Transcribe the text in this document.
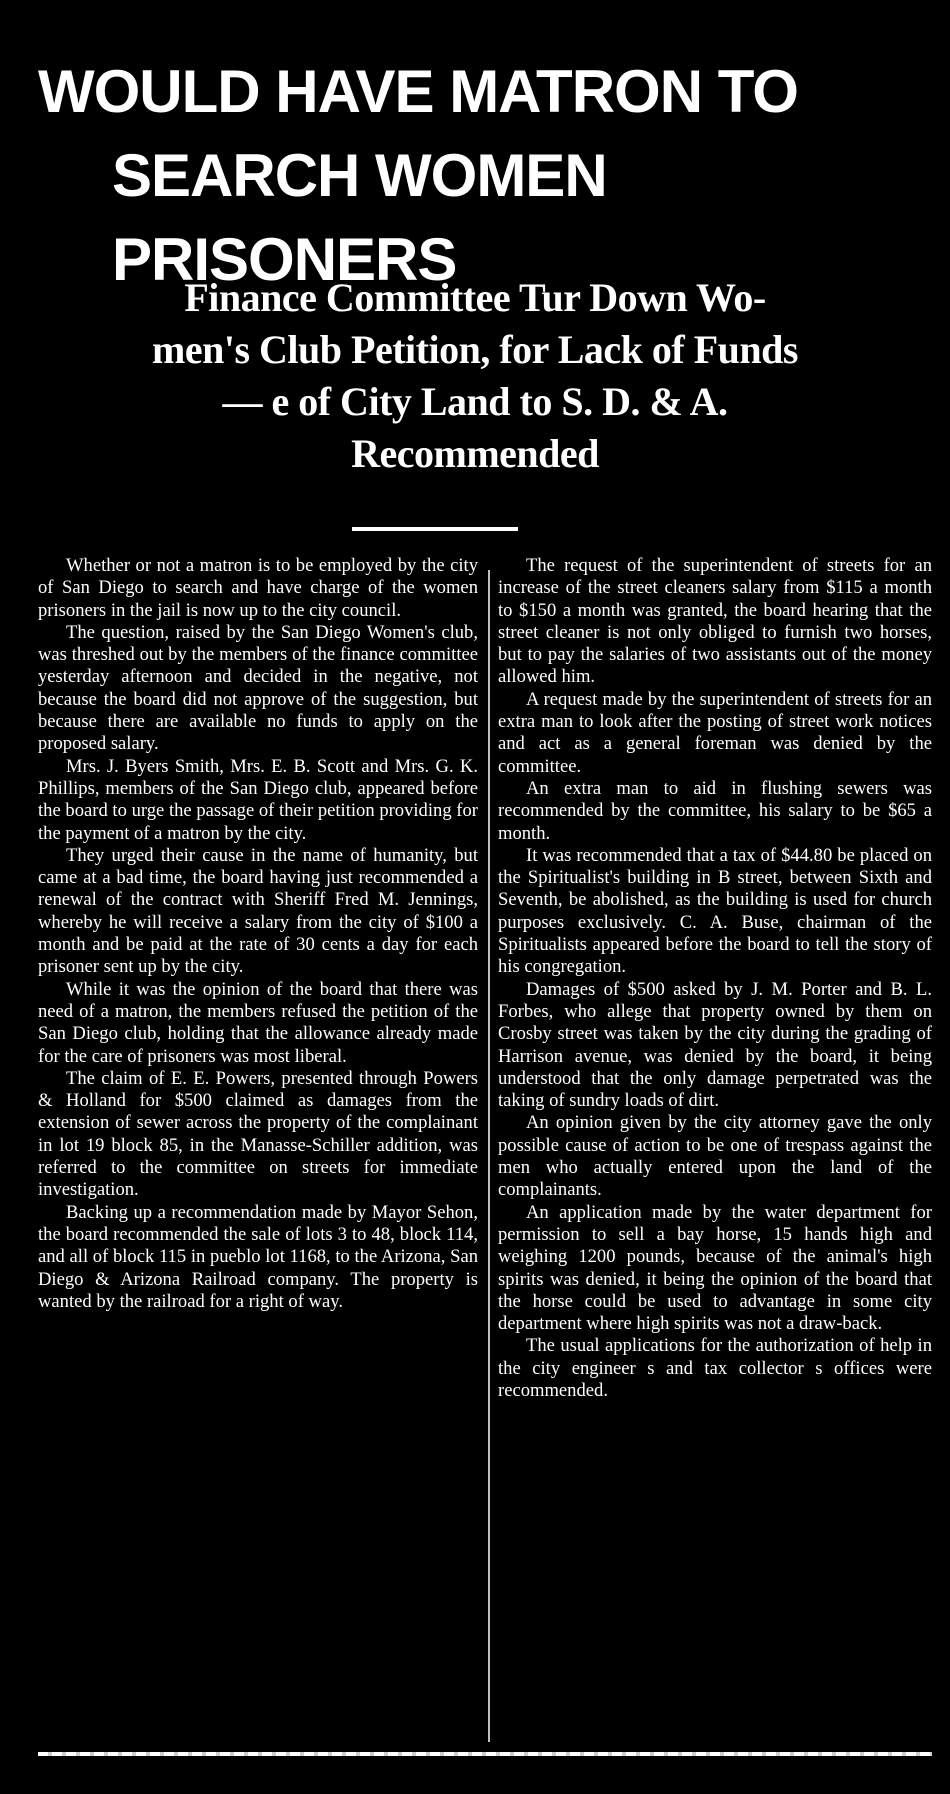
WOULD HAVE MATRON TO
SEARCH WOMEN PRISONERS
Finance Committee Tur Down Wo-
men's Club Petition, for Lack of Funds
— e of City Land to S. D. & A.
Recommended

Whether or not a matron is to be employed by the city of San Diego to search and have charge of the women prisoners in the jail is now up to the city council.

The question, raised by the San Diego Women's club, was threshed out by the members of the finance committee yesterday afternoon and decided in the negative, not because the board did not approve of the suggestion, but because there are available no funds to apply on the proposed salary.

Mrs. J. Byers Smith, Mrs. E. B. Scott and Mrs. G. K. Phillips, members of the San Diego club, appeared before the board to urge the passage of their petition providing for the payment of a matron by the city.

They urged their cause in the name of humanity, but came at a bad time, the board having just recommended a renewal of the contract with Sheriff Fred M. Jennings, whereby he will receive a salary from the city of $100 a month and be paid at the rate of 30 cents a day for each prisoner sent up by the city.

While it was the opinion of the board that there was need of a matron, the members refused the petition of the San Diego club, holding that the allowance already made for the care of prisoners was most liberal.

The claim of E. E. Powers, presented through Powers & Holland for $500 claimed as damages from the extension of sewer across the property of the complainant in lot 19 block 85, in the Manasse-Schiller addition, was referred to the committee on streets for immediate investigation.

Backing up a recommendation made by Mayor Sehon, the board recommended the sale of lots 3 to 48, block 114, and all of block 115 in pueblo lot 1168, to the Arizona, San Diego & Arizona Railroad company. The property is wanted by the railroad for a right of way.

The request of the superintendent of streets for an increase of the street cleaners salary from $115 a month to $150 a month was granted, the board hearing that the street cleaner is not only obliged to furnish two horses, but to pay the salaries of two assistants out of the money allowed him.

A request made by the superintendent of streets for an extra man to look after the posting of street work notices and act as a general foreman was denied by the committee.

An extra man to aid in flushing sewers was recommended by the committee, his salary to be $65 a month.

It was recommended that a tax of $44.80 be placed on the Spiritualist's building in B street, between Sixth and Seventh, be abolished, as the building is used for church purposes exclusively. C. A. Buse, chairman of the Spiritualists appeared before the board to tell the story of his congregation.

Damages of $500 asked by J. M. Porter and B. L. Forbes, who allege that property owned by them on Crosby street was taken by the city during the grading of Harrison avenue, was denied by the board, it being understood that the only damage perpetrated was the taking of sundry loads of dirt.

An opinion given by the city attorney gave the only possible cause of action to be one of trespass against the men who actually entered upon the land of the complainants.

An application made by the water department for permission to sell a bay horse, 15 hands high and weighing 1200 pounds, because of the animal's high spirits was denied, it being the opinion of the board that the horse could be used to advantage in some city department where high spirits was not a draw-back.

The usual applications for the authorization of help in the city engineer s and tax collector s offices were recommended.
